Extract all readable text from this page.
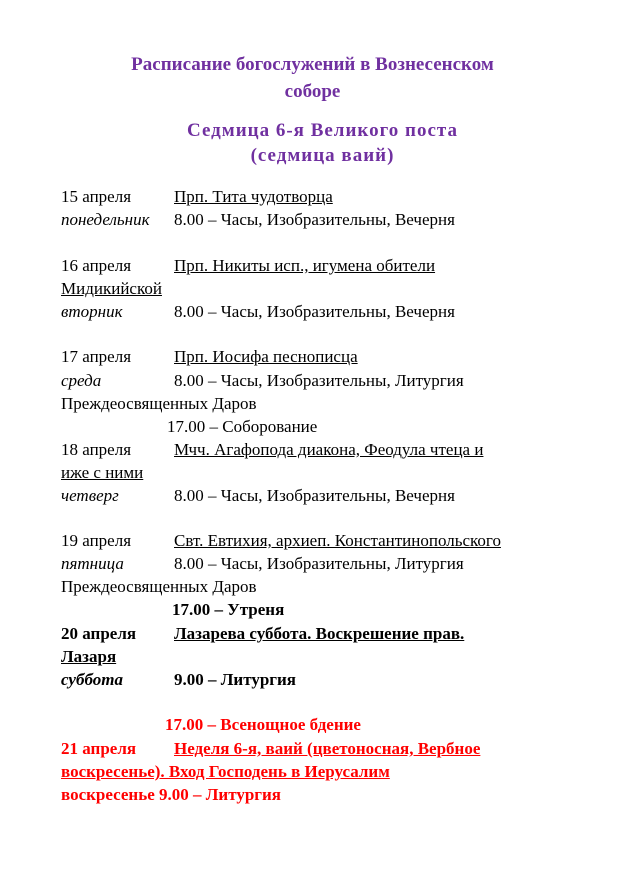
Расписание богослужений в Вознесенском
соборе
Седмица 6-я Великого поста
(седмица ваий)
15 апреля	Прп. Тита чудотворца
понедельник 8.00 – Часы, Изобразительны, Вечерня
16 апреля	Прп. Никиты исп., игумена обители
Мидикийской
вторник	8.00 – Часы, Изобразительны, Вечерня
17 апреля	Прп. Иосифа песнописца
среда	8.00 – Часы, Изобразительны, Литургия
Преждеосвященных Даров
17.00 – Соборование
18 апреля	Мчч. Агафопода диакона, Феодула чтеца и
иже с ними
четверг	8.00 – Часы, Изобразительны, Вечерня
19 апреля	Свт. Евтихия, архиеп. Константинопольского
пятница	8.00 – Часы, Изобразительны, Литургия
Преждеосвященных Даров
17.00 – Утреня
20 апреля Лазарева суббота. Воскрешение прав.
Лазаря
суббота	9.00 – Литургия
17.00 – Всенощное бдение
21 апреля Неделя 6-я, ваий (цветоносная, Вербное
воскресенье). Вход Господень в Иерусалим
воскресенье 9.00 – Литургия
